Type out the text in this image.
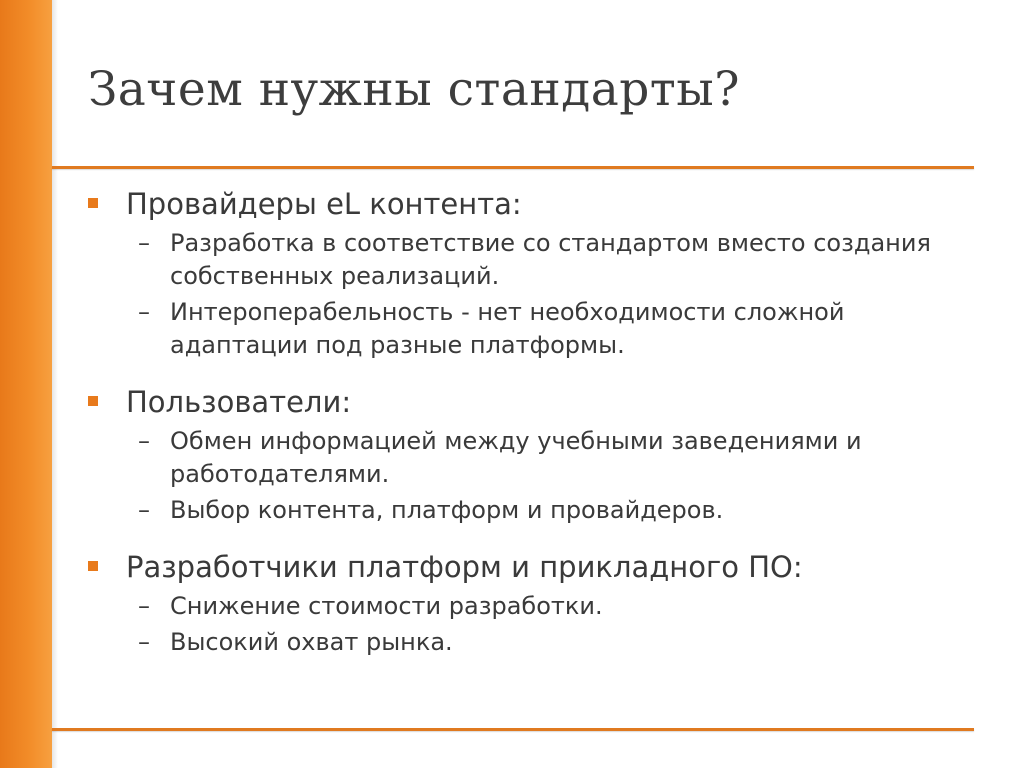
Зачем нужны стандарты?
Провайдеры eL контента:
– Разработка в соответствие со стандартом вместо создания собственных реализаций.
– Интероперабельность - нет необходимости сложной адаптации под разные платформы.
Пользователи:
– Обмен информацией между учебными заведениями и работодателями.
– Выбор контента, платформ и провайдеров.
Разработчики платформ и прикладного ПО:
– Снижение стоимости разработки.
– Высокий охват рынка.
